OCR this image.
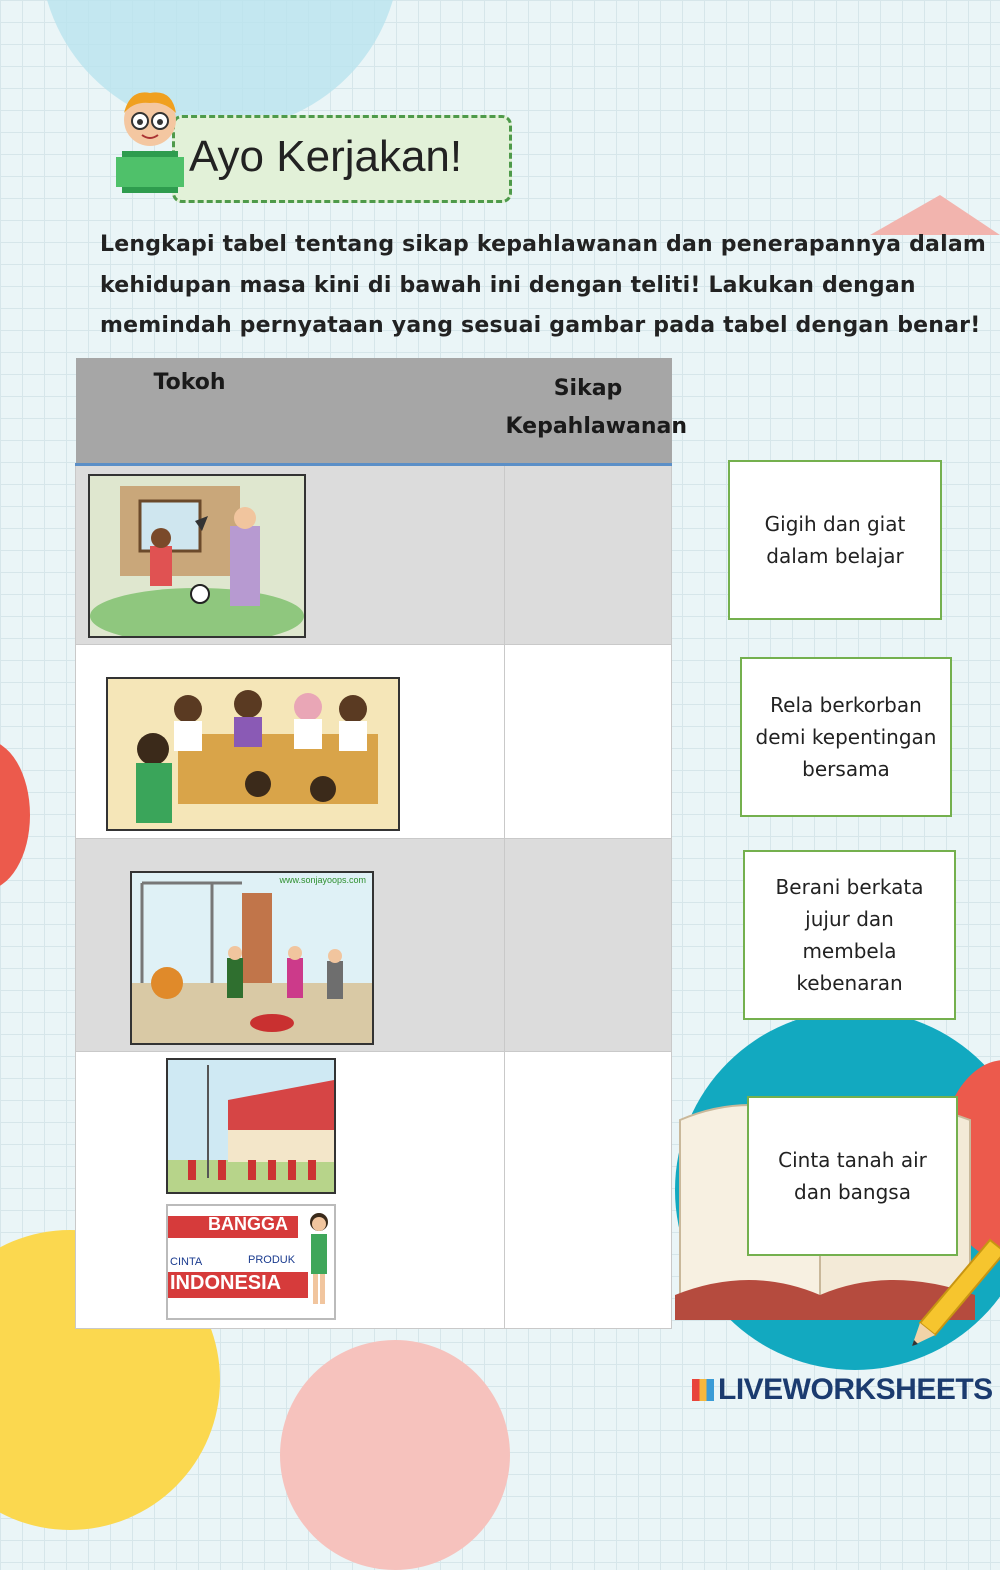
Ayo Kerjakan!

Lengkapi tabel tentang sikap kepahlawanan dan penerapannya dalam
kehidupan masa kini di bawah ini dengan teliti! Lakukan dengan
memindah pernyataan yang sesuai gambar pada tabel dengan benar!

Tokoh	Sikap
Kepahlawanan

www.sonjayoops.com	

BANGGA
CINTA PRODUK
INDONESIA	

Gigih dan giat
dalam belajar
Rela berkorban
demi kepentingan
bersama
Berani berkata
jujur dan membela
kebenaran
Cinta tanah air
dan bangsa
LIVEWORKSHEETS
